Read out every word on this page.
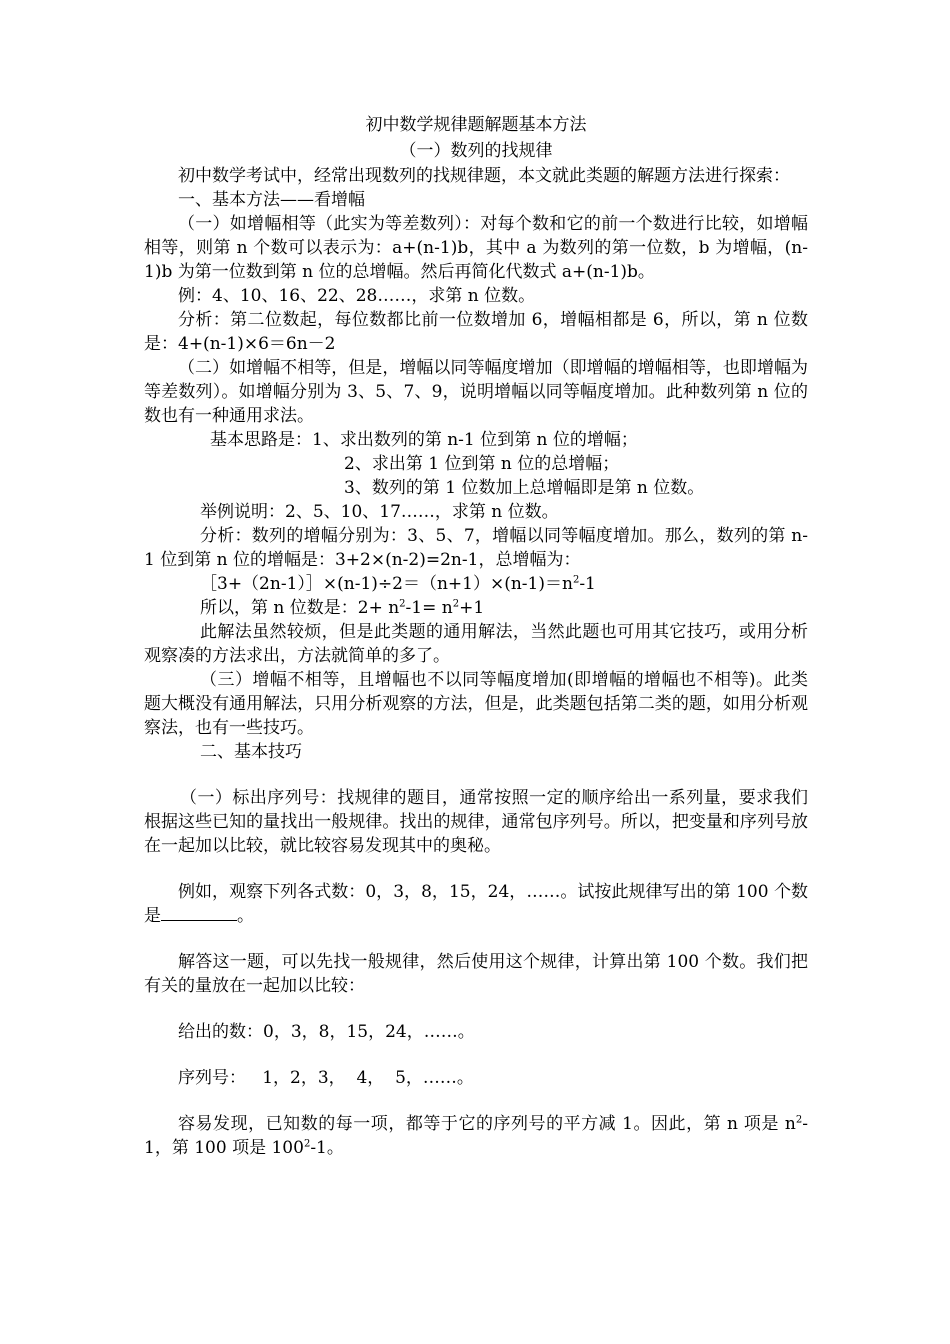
初中数学规律题解题基本方法
（一）数列的找规律
初中数学考试中，经常出现数列的找规律题，本文就此类题的解题方法进行探索：
一、基本方法——看增幅
（一）如增幅相等（此实为等差数列）：对每个数和它的前一个数进行比较，如增幅相等，则第 n 个数可以表示为：a+(n-1)b，其中 a 为数列的第一位数，b 为增幅，(n-1)b 为第一位数到第 n 位的总增幅。然后再简化代数式 a+(n-1)b。
例：4、10、16、22、28……，求第 n 位数。
分析：第二位数起，每位数都比前一位数增加 6，增幅相都是 6，所以，第 n 位数是：4+(n-1)×6＝6n－2
（二）如增幅不相等，但是，增幅以同等幅度增加（即增幅的增幅相等，也即增幅为等差数列）。如增幅分别为 3、5、7、9，说明增幅以同等幅度增加。此种数列第 n 位的数也有一种通用求法。
基本思路是：1、求出数列的第 n-1 位到第 n 位的增幅；
2、求出第 1 位到第 n 位的总增幅；
3、数列的第 1 位数加上总增幅即是第 n 位数。
举例说明：2、5、10、17……，求第 n 位数。
分析：数列的增幅分别为：3、5、7，增幅以同等幅度增加。那么，数列的第 n-1 位到第 n 位的增幅是：3+2×(n-2)=2n-1，总增幅为：
$[3+(2n-1)]\times(n-1)\div 2=(n+1)\times(n-1)=n^2-1$
所以，第 n 位数是：$2+ n^2-1= n^2+1$
此解法虽然较烦，但是此类题的通用解法，当然此题也可用其它技巧，或用分析观察凑的方法求出，方法就简单的多了。
（三）增幅不相等，且增幅也不以同等幅度增加(即增幅的增幅也不相等)。此类题大概没有通用解法，只用分析观察的方法，但是，此类题包括第二类的题，如用分析观察法，也有一些技巧。
二、基本技巧
（一）标出序列号：找规律的题目，通常按照一定的顺序给出一系列量，要求我们根据这些已知的量找出一般规律。找出的规律，通常包序列号。所以，把变量和序列号放在一起加以比较，就比较容易发现其中的奥秘。
例如，观察下列各式数：0，3，8，15，24，……。试按此规律写出的第 100 个数是	。
解答这一题，可以先找一般规律，然后使用这个规律，计算出第 100 个数。我们把有关的量放在一起加以比较：
给出的数：0，3，8，15，24，……。
序列号：   1，2，3，  4，  5，……。
容易发现，已知数的每一项，都等于它的序列号的平方减 1。因此，第 n 项是 $n^2-1$，第 100 项是 $100^2-1$。
